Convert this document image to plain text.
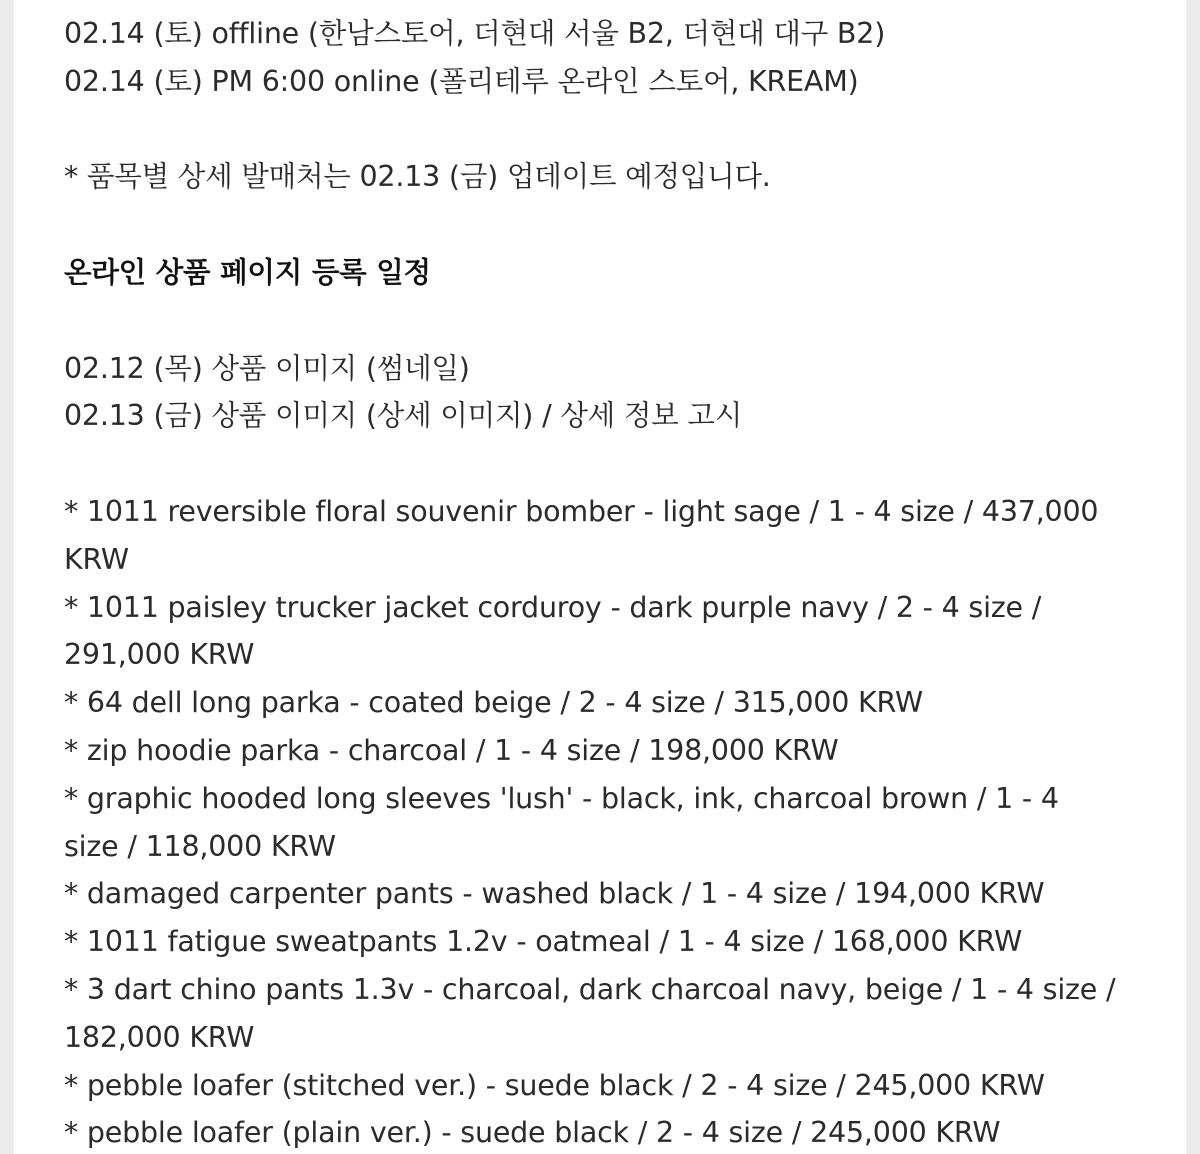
02.14 (토) offline (한남스토어, 더현대 서울 B2, 더현대 대구 B2)
02.14 (토) PM 6:00 online (폴리테루 온라인 스토어, KREAM)
* 품목별 상세 발매처는 02.13 (금) 업데이트 예정입니다.
온라인 상품 페이지 등록 일정
02.12 (목) 상품 이미지 (썸네일)
02.13 (금) 상품 이미지 (상세 이미지) / 상세 정보 고시
* 1011 reversible floral souvenir bomber - light sage / 1 - 4 size / 437,000
KRW
* 1011 paisley trucker jacket corduroy - dark purple navy / 2 - 4 size /
291,000 KRW
* 64 dell long parka - coated beige / 2 - 4 size / 315,000 KRW
* zip hoodie parka - charcoal / 1 - 4 size / 198,000 KRW
* graphic hooded long sleeves 'lush' - black, ink, charcoal brown / 1 - 4
size / 118,000 KRW
* damaged carpenter pants - washed black / 1 - 4 size / 194,000 KRW
* 1011 fatigue sweatpants 1.2v - oatmeal / 1 - 4 size / 168,000 KRW
* 3 dart chino pants 1.3v - charcoal, dark charcoal navy, beige / 1 - 4 size /
182,000 KRW
* pebble loafer (stitched ver.) - suede black / 2 - 4 size / 245,000 KRW
* pebble loafer (plain ver.) - suede black / 2 - 4 size / 245,000 KRW
